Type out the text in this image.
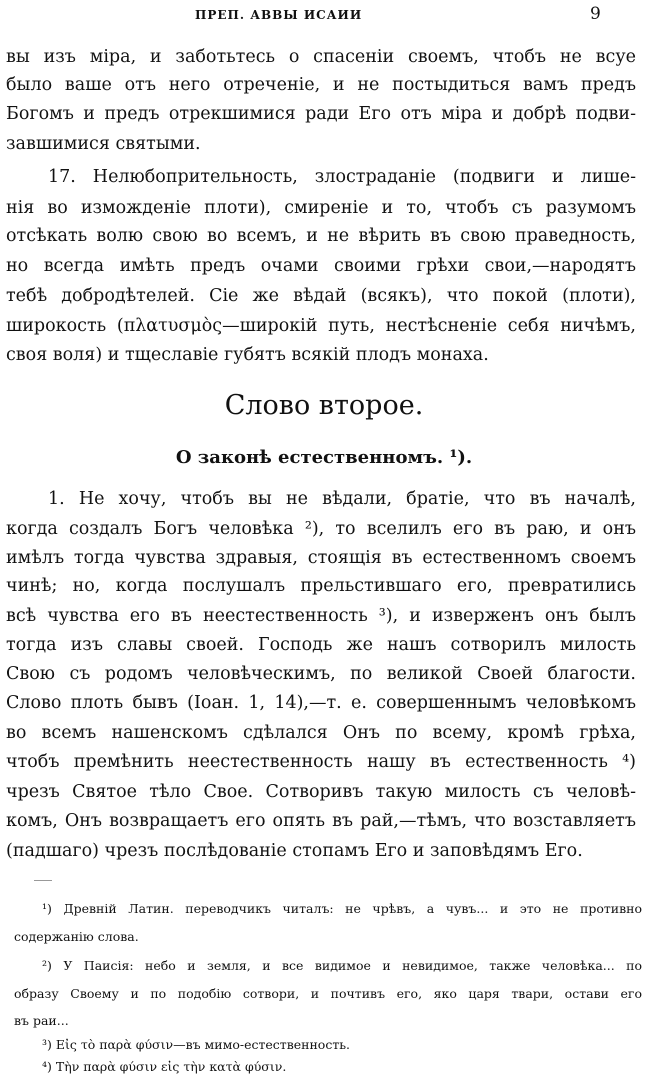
ПРЕП. АВВЫ ИСАИИ	9
вы изъ міра, и заботьтесь о спасеніи своемъ, чтобъ не всуе
было ваше отъ него отреченіе, и не постыдиться вамъ предъ
Богомъ и предъ отрекшимися ради Его отъ міра и добрѣ подви-
завшимися святыми.
17. Нелюбопрительность, злостраданіе (подвиги и лише-
нія во изможденіе плоти), смиреніе и то, чтобъ съ разумомъ
отсѣкать волю свою во всемъ, и не вѣрить въ свою праведность,
но всегда имѣть предъ очами своими грѣхи свои,—народятъ
тебѣ добродѣтелей. Сіе же вѣдай (всякъ), что покой (плоти),
широкость (πλατυσμὸς—широкій путь, нестѣсненіе себя ничѣмъ,
своя воля) и тщеславіе губятъ всякій плодъ монаха.
Слово второе.
О законѣ естественномъ. ¹).
1. Не хочу, чтобъ вы не вѣдали, братіе, что въ началѣ,
когда создалъ Богъ человѣка ²), то вселилъ его въ раю, и онъ
имѣлъ тогда чувства здравыя, стоящія въ естественномъ своемъ
чинѣ; но, когда послушалъ прельстившаго его, превратились
всѣ чувства его въ неестественность ³), и изверженъ онъ былъ
тогда изъ славы своей. Господь же нашъ сотворилъ милость
Свою съ родомъ человѣческимъ, по великой Своей благости.
Слово плоть бывъ (Іоан. 1, 14),—т. е. совершеннымъ человѣкомъ
во всемъ нашенскомъ сдѣлался Онъ по всему, кромѣ грѣха,
чтобъ премѣнить неестественность нашу въ естественность ⁴)
чрезъ Святое тѣло Свое. Сотворивъ такую милость съ человѣ-
комъ, Онъ возвращаетъ его опять въ рай,—тѣмъ, что возставляетъ
(падшаго) чрезъ послѣдованіе стопамъ Его и заповѣдямъ Его.
¹) Древній Латин. переводчикъ читалъ: не чрѣвъ, а чувъ... и это не противно
содержанію слова.
²) У Паисія: небо и земля, и все видимое и невидимое, также человѣка... по
образу Своему и по подобію сотвори, и почтивъ его, яко царя твари, остави его
въ раи...
³) Εἰς τὸ παρὰ φύσιν—въ мимо-естественность.
⁴) Τὴν παρὰ φύσιν εἰς τὴν κατὰ φύσιν.
